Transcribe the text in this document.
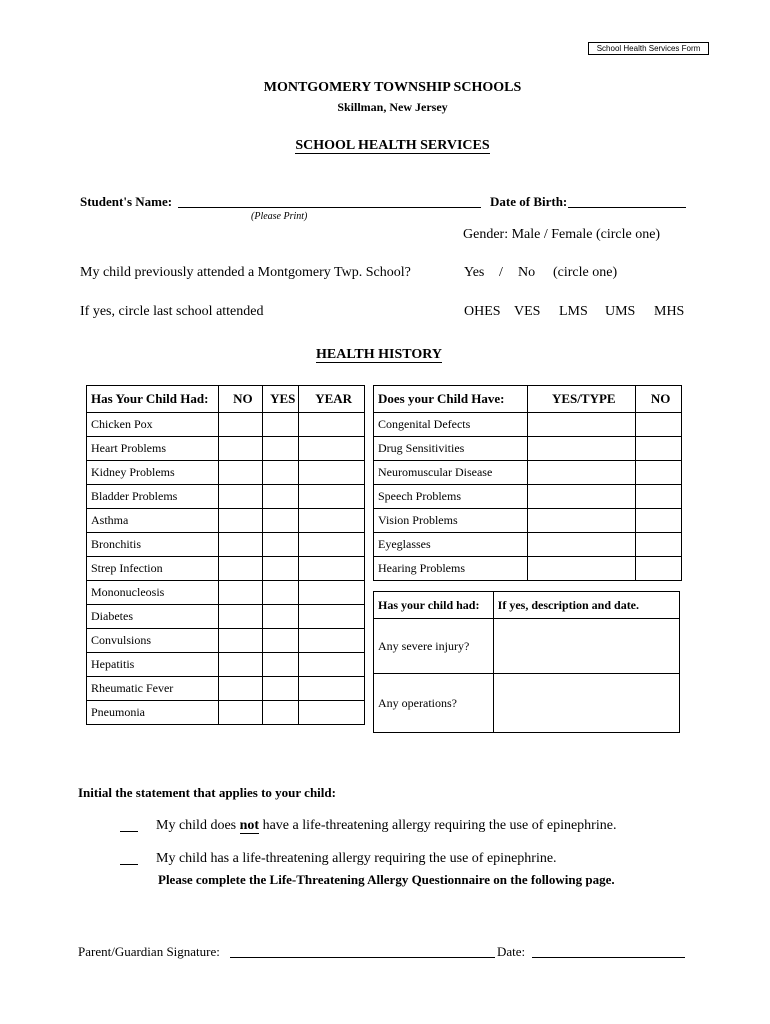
School Health Services Form
MONTGOMERY TOWNSHIP SCHOOLS
Skillman, New Jersey
SCHOOL HEALTH SERVICES
Student's Name:
(Please Print)
Date of Birth:
Gender: Male / Female (circle one)
My child previously attended a Montgomery Twp. School?	Yes / No (circle one)
If yes, circle last school attended	OHES VES LMS UMS MHS
HEALTH HISTORY
Has Your Child Had:	NO	YES	YEAR
Chicken Pox			
Heart Problems			
Kidney Problems			
Bladder Problems			
Asthma			
Bronchitis			
Strep Infection			
Mononucleosis			
Diabetes			
Convulsions			
Hepatitis			
Rheumatic Fever			
Pneumonia			
Does your Child Have:	YES/TYPE	NO
Congenital Defects		
Drug Sensitivities		
Neuromuscular Disease		
Speech Problems		
Vision Problems		
Eyeglasses		
Hearing Problems		
Has your child had:	If yes, description and date.
Any severe injury?	
Any operations?	
Initial the statement that applies to your child:
My child does not have a life-threatening allergy requiring the use of epinephrine.
My child has a life-threatening allergy requiring the use of epinephrine.
Please complete the Life-Threatening Allergy Questionnaire on the following page.
Parent/Guardian Signature:	Date:
